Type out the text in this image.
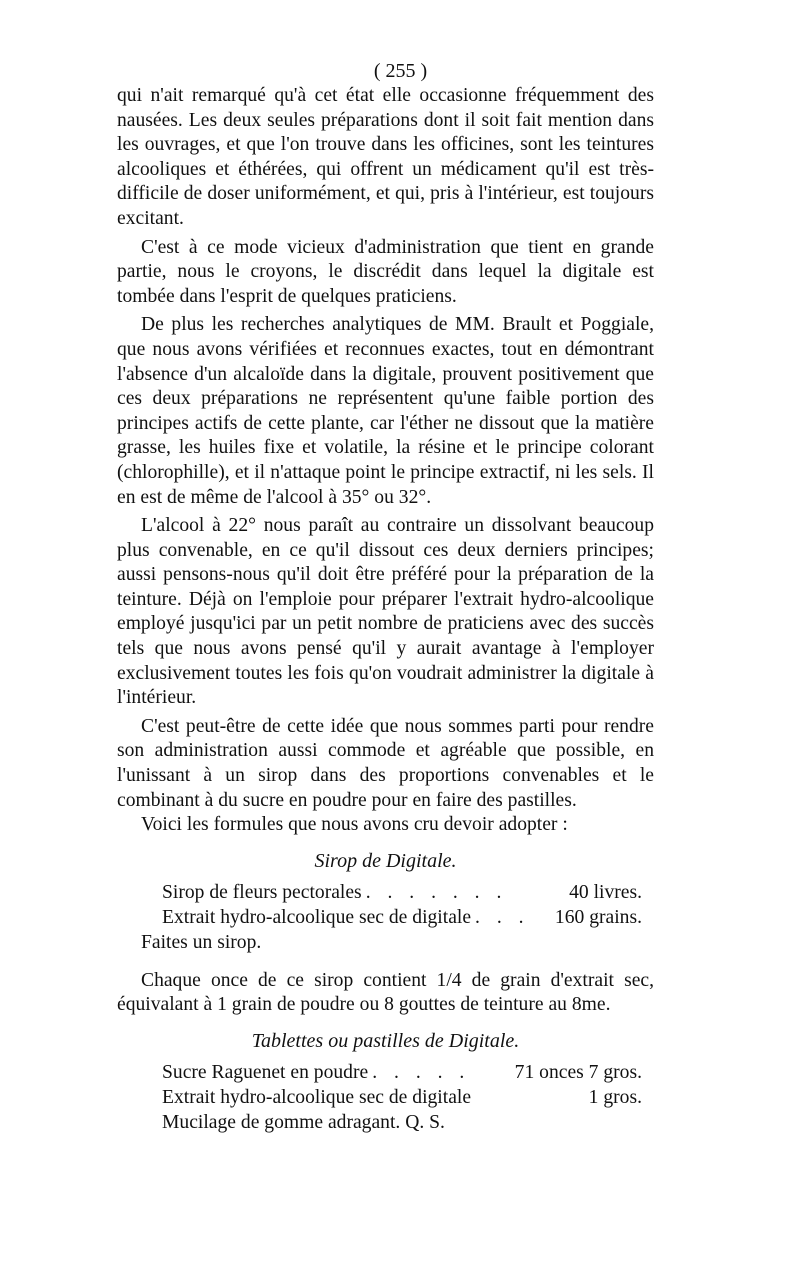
( 255 )

qui n'ait remarqué qu'à cet état elle occasionne fréquemment des nausées. Les deux seules préparations dont il soit fait mention dans les ouvrages, et que l'on trouve dans les officines, sont les teintures alcooliques et éthérées, qui offrent un médicament qu'il est très-difficile de doser uniformément, et qui, pris à l'intérieur, est toujours excitant.

C'est à ce mode vicieux d'administration que tient en grande partie, nous le croyons, le discrédit dans lequel la digitale est tombée dans l'esprit de quelques praticiens.

De plus les recherches analytiques de MM. Brault et Poggiale, que nous avons vérifiées et reconnues exactes, tout en démontrant l'absence d'un alcaloïde dans la digitale, prouvent positivement que ces deux préparations ne représentent qu'une faible portion des principes actifs de cette plante, car l'éther ne dissout que la matière grasse, les huiles fixe et volatile, la résine et le principe colorant (chlorophille), et il n'attaque point le principe extractif, ni les sels. Il en est de même de l'alcool à 35° ou 32°.

L'alcool à 22° nous paraît au contraire un dissolvant beaucoup plus convenable, en ce qu'il dissout ces deux derniers principes; aussi pensons-nous qu'il doit être préféré pour la préparation de la teinture. Déjà on l'emploie pour préparer l'extrait hydro-alcoolique employé jusqu'ici par un petit nombre de praticiens avec des succès tels que nous avons pensé qu'il y aurait avantage à l'employer exclusivement toutes les fois qu'on voudrait administrer la digitale à l'intérieur.

C'est peut-être de cette idée que nous sommes parti pour rendre son administration aussi commode et agréable que possible, en l'unissant à un sirop dans des proportions convenables et le combinant à du sucre en poudre pour en faire des pastilles.

Voici les formules que nous avons cru devoir adopter :

Sirop de Digitale.
Sirop de fleurs pectorales . . . . . . .	40 livres.
Extrait hydro-alcoolique sec de digitale . . .	160 grains.
Faites un sirop.

Chaque once de ce sirop contient 1/4 de grain d'extrait sec, équivalant à 1 grain de poudre ou 8 gouttes de teinture au 8me.

Tablettes ou pastilles de Digitale.
Sucre Raguenet en poudre . . . . .	71 onces 7 gros.
Extrait hydro-alcoolique sec de digitale	1 gros.
Mucilage de gomme adragant. Q. S.
